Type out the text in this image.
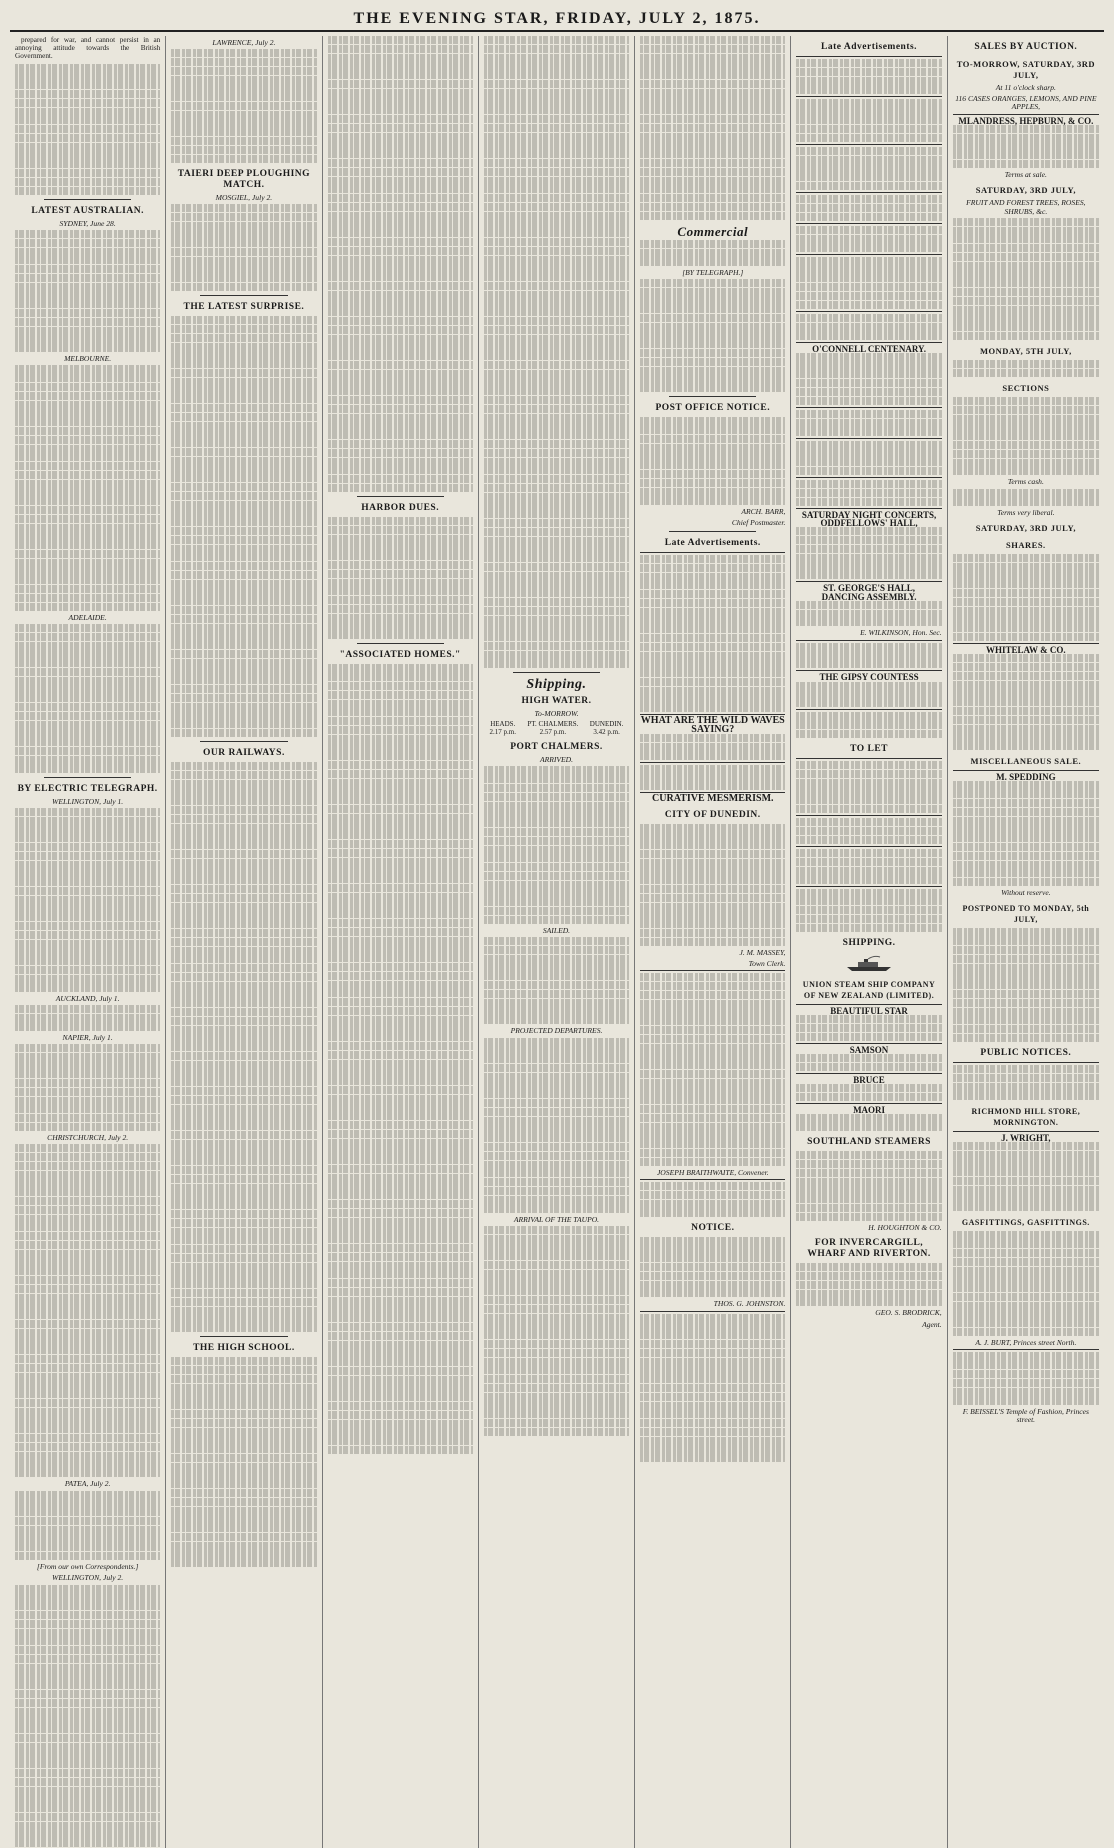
THE EVENING STAR, FRIDAY, JULY 2, 1875.

prepared for war, and cannot persist in an annoying attitude towards the British Government.

LATEST AUSTRALIAN.
SYDNEY, June 28.
MELBOURNE.
ADELAIDE.
BY ELECTRIC TELEGRAPH.
WELLINGTON, July 1.
AUCKLAND, July 1.
NAPIER, July 1.
CHRISTCHURCH, July 2.
PATEA, July 2.
[From our own Correspondents.]
WELLINGTON, July 2.
LAWRENCE, July 2.
TAIERI DEEP PLOUGHING MATCH.
MOSGIEL, July 2.
THE LATEST SURPRISE.
OUR RAILWAYS.
THE HIGH SCHOOL.
HARBOR DUES.
"ASSOCIATED HOMES."
Shipping.
HIGH WATER.
To-MORROW.
HEADS.
2.17 p.m.
PT. CHALMERS.
2.57 p.m.
DUNEDIN.
3.42 p.m.
PORT CHALMERS.
ARRIVED.
SAILED.
PROJECTED DEPARTURES.
ARRIVAL OF THE TAUPO.
Commercial
[BY TELEGRAPH.]
POST OFFICE NOTICE.
ARCH. BARR,
Chief Postmaster.
Late Advertisements.
WHAT ARE THE WILD WAVES SAYING?
CURATIVE MESMERISM.
CITY OF DUNEDIN.
J. M. MASSEY,
Town Clerk.
JOSEPH BRAITHWAITE, Convener.
NOTICE.
THOS. G. JOHNSTON.
Late Advertisements.
O'CONNELL CENTENARY.
SATURDAY NIGHT CONCERTS,
ODDFELLOWS' HALL,
ST. GEORGE'S HALL,
DANCING ASSEMBLY.
E. WILKINSON, Hon. Sec.
THE GIPSY COUNTESS
TO LET
SHIPPING.
UNION STEAM SHIP COMPANY OF NEW ZEALAND (LIMITED).
BEAUTIFUL STAR
SAMSON
BRUCE
MAORI
SOUTHLAND STEAMERS
H. HOUGHTON & CO.
FOR INVERCARGILL, WHARF AND RIVERTON.
GEO. S. BRODRICK,
Agent.
SALES BY AUCTION.
TO-MORROW, SATURDAY, 3RD JULY,
At 11 o'clock sharp.
116 CASES ORANGES, LEMONS, AND PINE APPLES,
MLANDRESS, HEPBURN, & CO.
Terms at sale.
SATURDAY, 3RD JULY,
FRUIT AND FOREST TREES, ROSES, SHRUBS, &c.
MONDAY, 5TH JULY,
SECTIONS
Terms cash.
Terms very liberal.
SATURDAY, 3RD JULY,
SHARES.
WHITELAW & CO.
MISCELLANEOUS SALE.
M. SPEDDING
Without reserve.
POSTPONED TO MONDAY, 5th JULY,
PUBLIC NOTICES.
RICHMOND HILL STORE, MORNINGTON.
J. WRIGHT,
GASFITTINGS, GASFITTINGS.
A. J. BURT, Princes street North.
F. BEISSEL'S Temple of Fashion, Princes street.
